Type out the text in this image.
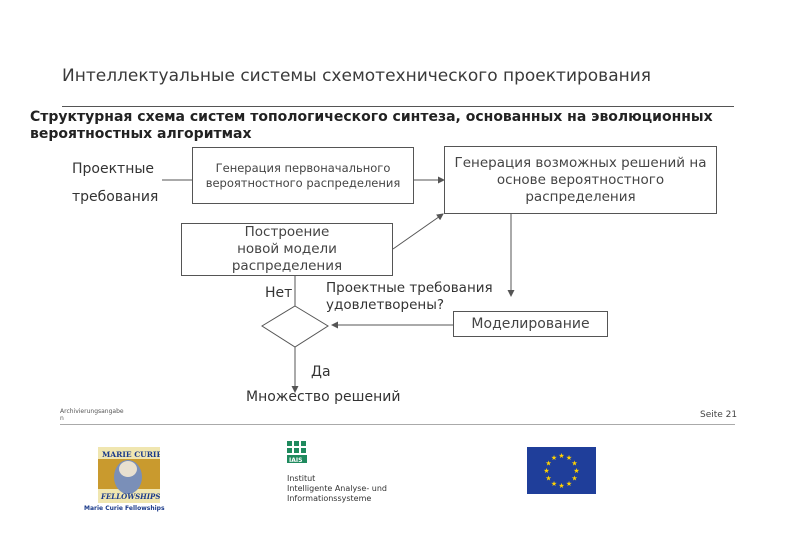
Интеллектуальные системы схемотехнического проектирования
Структурная схема систем топологического синтеза, основанных на эволюционных вероятностных алгоритмах
Проектные
требования
Генерация первоначального вероятностного распределения
Генерация возможных решений на основе вероятностного распределения
Построение новой модели распределения
Моделирование
Проектные требования удовлетворены?
Нет
Да
Множество решений
Archivierungsangabe n	Seite 21
MARIE CURIE
FELLOWSHIPS
Marie Curie Fellowships
IAIS
Institut
Intelligente Analyse- und
Informationssysteme
★
★
★
★
★
★
★
★
★ ★ ★
★
